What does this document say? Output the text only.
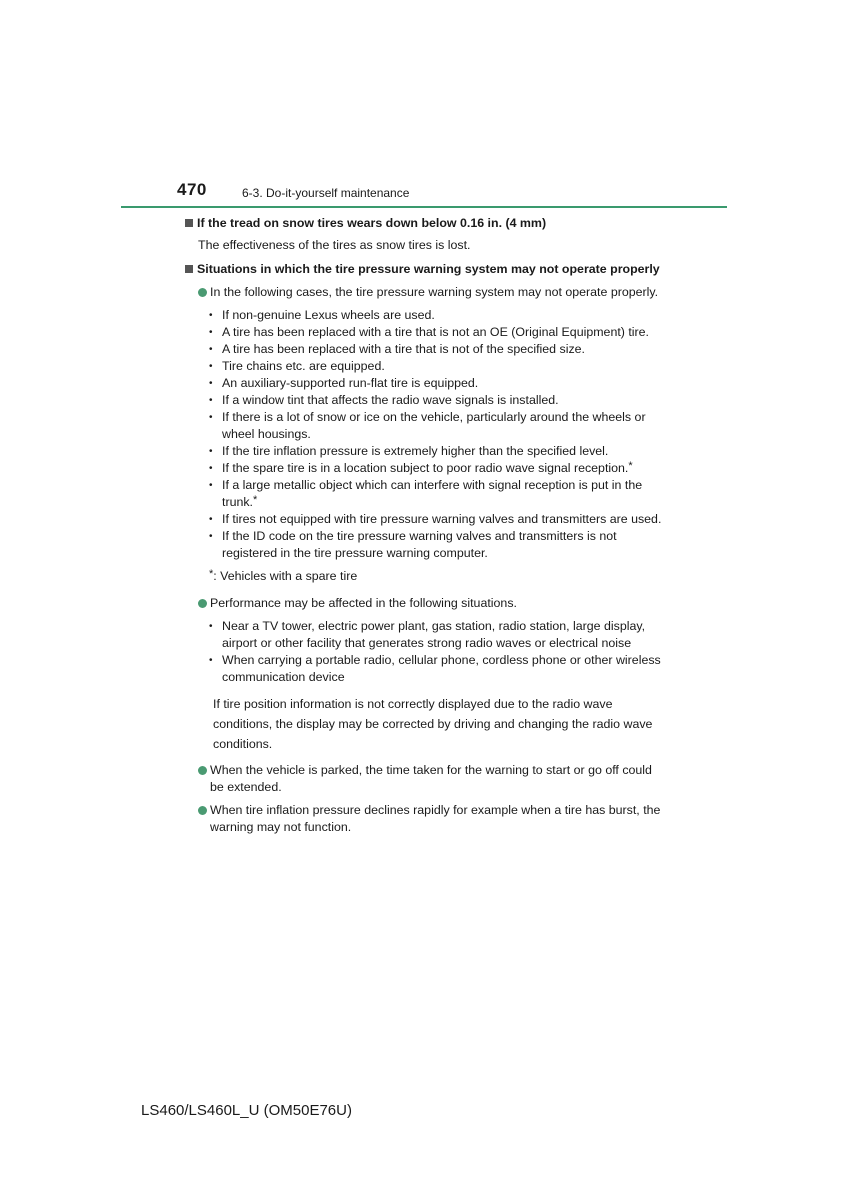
470	6-3. Do-it-yourself maintenance
If the tread on snow tires wears down below 0.16 in. (4 mm)
The effectiveness of the tires as snow tires is lost.
Situations in which the tire pressure warning system may not operate properly
In the following cases, the tire pressure warning system may not operate properly.
• If non-genuine Lexus wheels are used.
• A tire has been replaced with a tire that is not an OE (Original Equipment) tire.
• A tire has been replaced with a tire that is not of the specified size.
• Tire chains etc. are equipped.
• An auxiliary-supported run-flat tire is equipped.
• If a window tint that affects the radio wave signals is installed.
• If there is a lot of snow or ice on the vehicle, particularly around the wheels or wheel housings.
• If the tire inflation pressure is extremely higher than the specified level.
• If the spare tire is in a location subject to poor radio wave signal reception.*
• If a large metallic object which can interfere with signal reception is put in the trunk.*
• If tires not equipped with tire pressure warning valves and transmitters are used.
• If the ID code on the tire pressure warning valves and transmitters is not registered in the tire pressure warning computer.
*: Vehicles with a spare tire
Performance may be affected in the following situations.
• Near a TV tower, electric power plant, gas station, radio station, large display, airport or other facility that generates strong radio waves or electrical noise
• When carrying a portable radio, cellular phone, cordless phone or other wireless communication device
If tire position information is not correctly displayed due to the radio wave conditions, the display may be corrected by driving and changing the radio wave conditions.
When the vehicle is parked, the time taken for the warning to start or go off could be extended.
When tire inflation pressure declines rapidly for example when a tire has burst, the warning may not function.
LS460/LS460L_U (OM50E76U)
